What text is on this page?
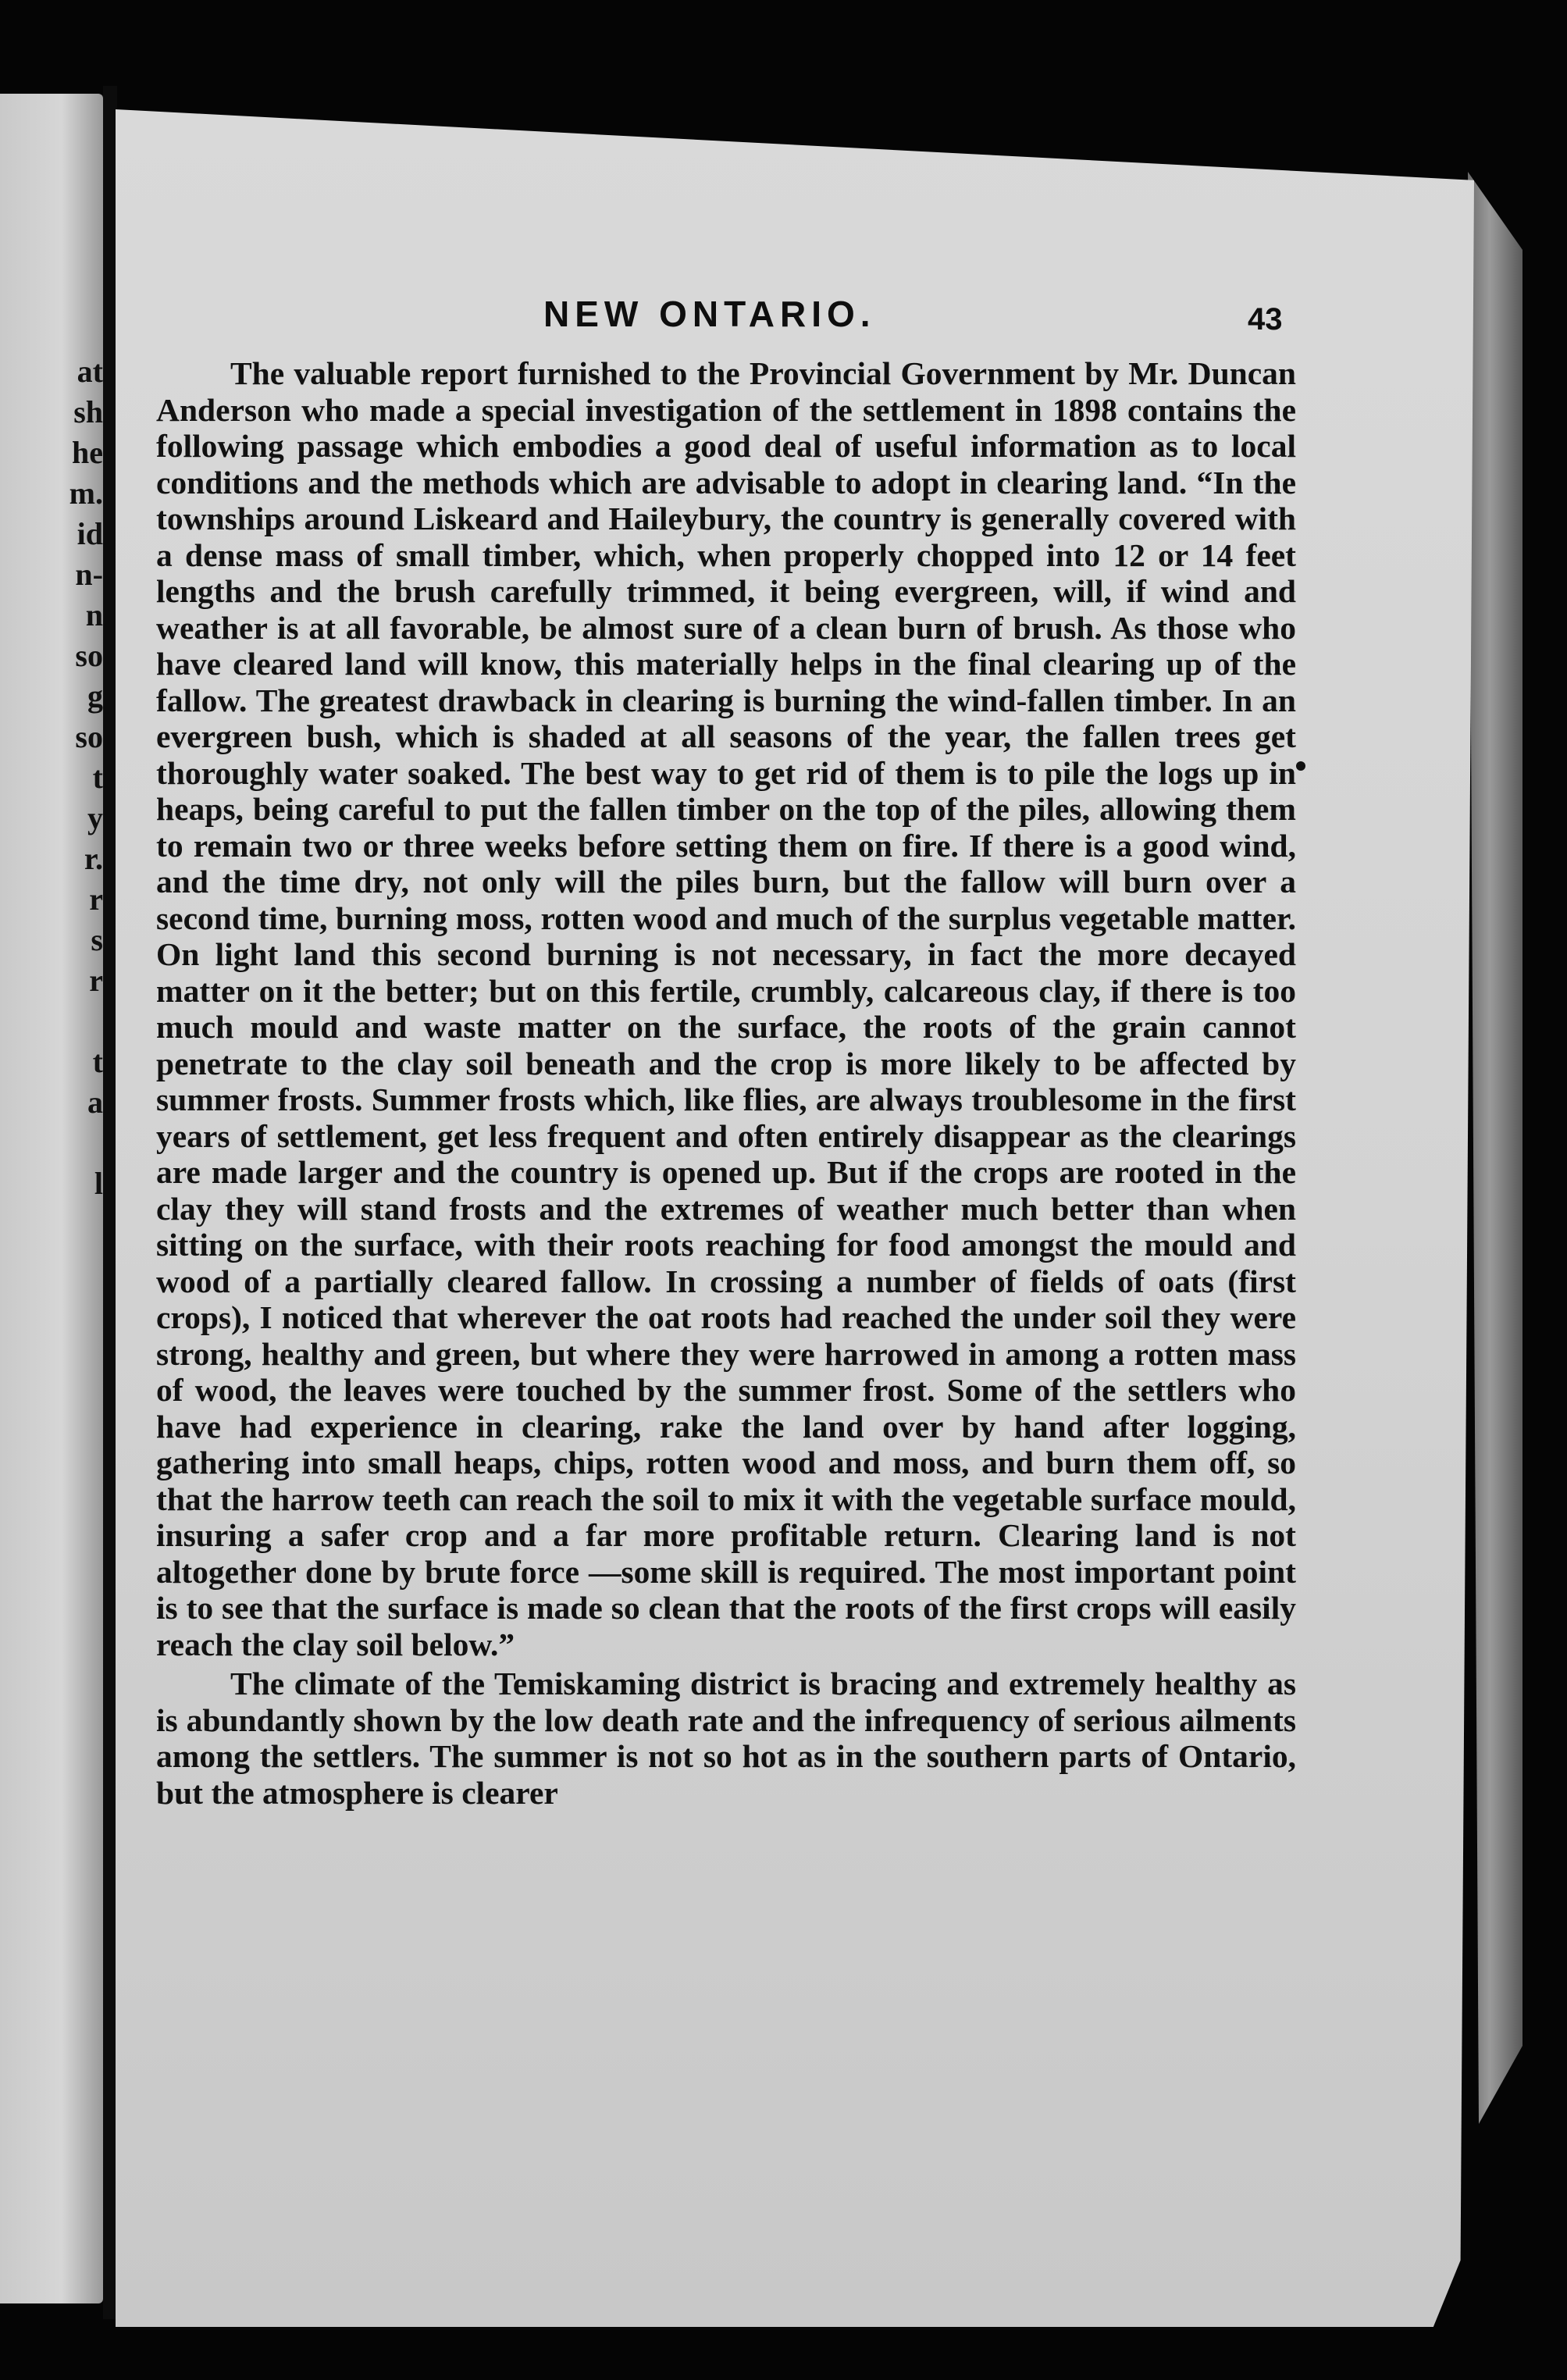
at
sh
he
m.
id
n-
n
so
g
so
t
y
r.
r
s
r
t
a
l
NEW ONTARIO.	43

The valuable report furnished to the Provincial Government by Mr. Duncan Anderson who made a special investigation of the settlement in 1898 contains the following passage which embodies a good deal of useful information as to local conditions and the methods which are advisable to adopt in clearing land. “In the townships around Liskeard and Haileybury, the country is generally covered with a dense mass of small timber, which, when properly chopped into 12 or 14 feet lengths and the brush carefully trimmed, it being evergreen, will, if wind and weather is at all favorable, be almost sure of a clean burn of brush. As those who have cleared land will know, this materially helps in the final clearing up of the fallow. The greatest drawback in clearing is burning the wind-fallen timber. In an evergreen bush, which is shaded at all seasons of the year, the fallen trees get thoroughly water soaked. The best way to get rid of them is to pile the logs up in heaps, being careful to put the fallen timber on the top of the piles, allowing them to remain two or three weeks before setting them on fire. If there is a good wind, and the time dry, not only will the piles burn, but the fallow will burn over a second time, burning moss, rotten wood and much of the surplus vegetable matter. On light land this second burning is not necessary, in fact the more decayed matter on it the better; but on this fertile, crumbly, calcareous clay, if there is too much mould and waste matter on the surface, the roots of the grain cannot penetrate to the clay soil beneath and the crop is more likely to be affected by summer frosts. Summer frosts which, like flies, are always troublesome in the first years of settlement, get less frequent and often entirely disappear as the clearings are made larger and the country is opened up. But if the crops are rooted in the clay they will stand frosts and the extremes of weather much better than when sitting on the surface, with their roots reaching for food amongst the mould and wood of a partially cleared fallow. In crossing a number of fields of oats (first crops), I noticed that wherever the oat roots had reached the under soil they were strong, healthy and green, but where they were harrowed in among a rotten mass of wood, the leaves were touched by the summer frost. Some of the settlers who have had experience in clearing, rake the land over by hand after logging, gathering into small heaps, chips, rotten wood and moss, and burn them off, so that the harrow teeth can reach the soil to mix it with the vegetable surface mould, insuring a safer crop and a far more profitable return. Clearing land is not altogether done by brute force —some skill is required. The most important point is to see that the surface is made so clean that the roots of the first crops will easily reach the clay soil below.”

The climate of the Temiskaming district is bracing and extremely healthy as is abundantly shown by the low death rate and the infrequency of serious ailments among the settlers. The summer is not so hot as in the southern parts of Ontario, but the atmosphere is clearer
